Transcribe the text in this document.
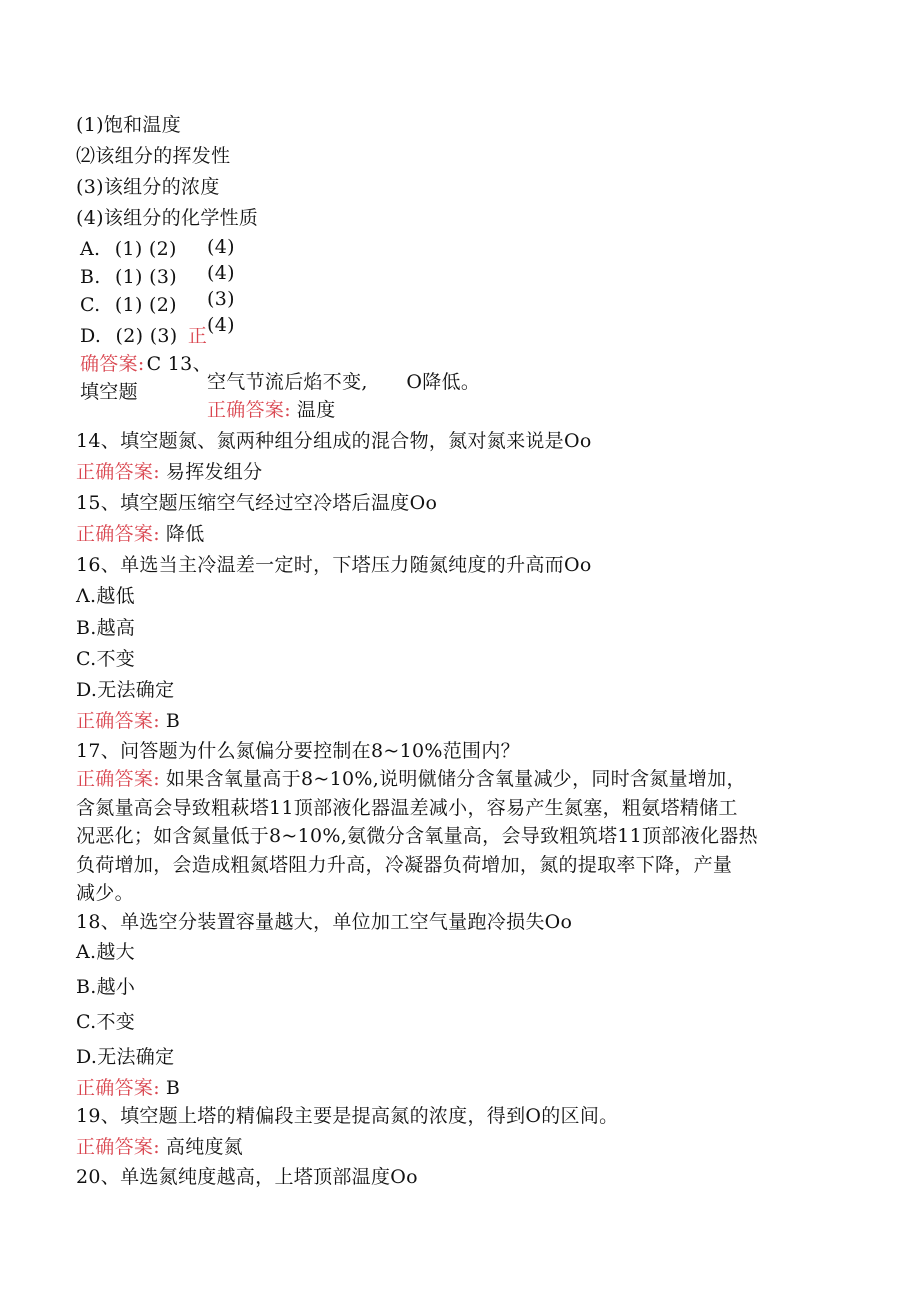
(1)饱和温度
⑵该组分的挥发性
(3)该组分的浓度
(4)该组分的化学性质
A. (1) (2) (4)
B. (1) (3) (4)
C. (1) (2) (3)
D. (2) (3) 正 (4)
确答案: C 13、
填空题	空气节流后焰不变,　　O降低。
正确答案: 温度
14、填空题氮、氮两种组分组成的混合物，氮对氮来说是Oo
正确答案: 易挥发组分
15、填空题压缩空气经过空冷塔后温度Oo
正确答案: 降低
16、单选当主冷温差一定时，下塔压力随氮纯度的升高而Oo
Λ.越低
B.越高
C.不变
D.无法确定
正确答案: B
17、问答题为什么氮偏分要控制在8~10%范围内？
正确答案: 如果含氧量高于8~10%,说明僦储分含氧量减少，同时含氮量增加，
含氮量高会导致粗萩塔11顶部液化器温差减小，容易产生氮塞，粗氨塔精储工
况恶化；如含氮量低于8~10%,氨微分含氧量高，会导致粗筑塔11顶部液化器热
负荷增加，会造成粗氮塔阻力升高，冷凝器负荷增加，氮的提取率下降，产量
减少。
18、单选空分装置容量越大，单位加工空气量跑冷损失Oo
A.越大
B.越小
C.不变
D.无法确定
正确答案: B
19、填空题上塔的精偏段主要是提高氮的浓度，得到O的区间。
正确答案: 高纯度氮
20、单选氮纯度越高，上塔顶部温度Oo
